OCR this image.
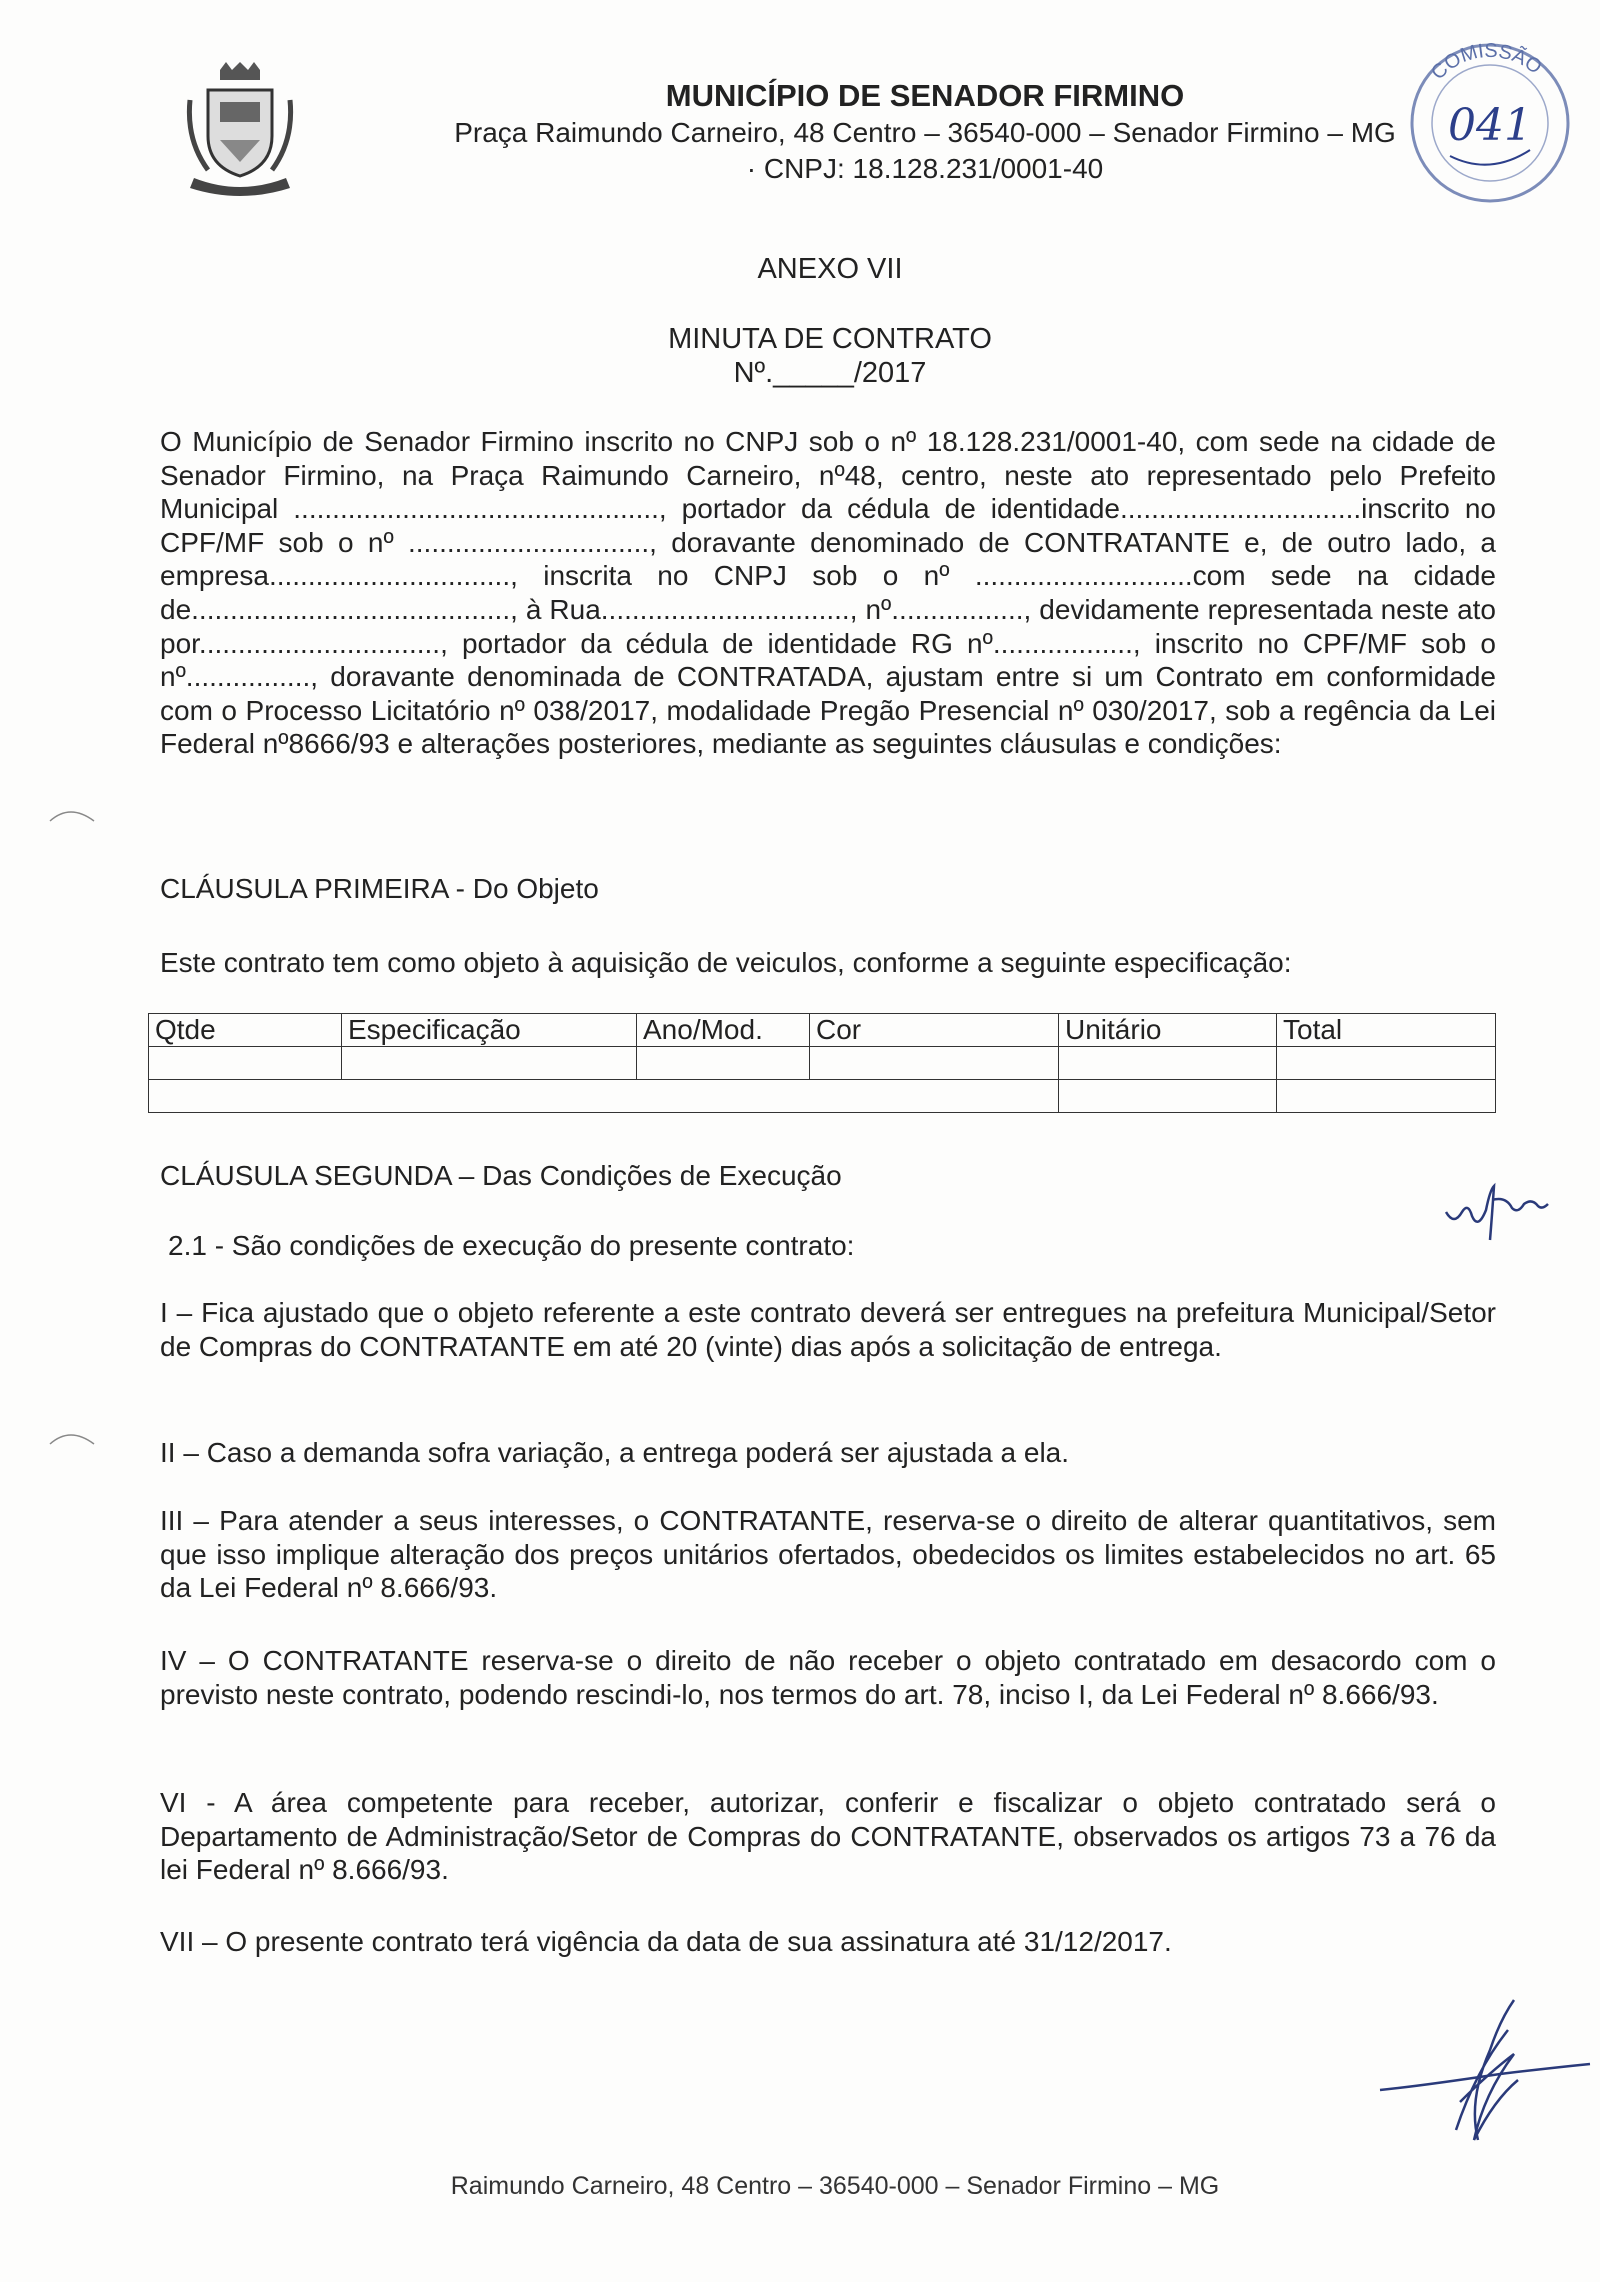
MUNICÍPIO DE SENADOR FIRMINO
Praça Raimundo Carneiro, 48 Centro – 36540-000 – Senador Firmino – MG
· CNPJ: 18.128.231/0001-40
COMISSÃO
041
ANEXO VII
MINUTA DE CONTRATO
Nº._____/2017
O Município de Senador Firmino inscrito no CNPJ sob o nº 18.128.231/0001-40, com sede na cidade de Senador Firmino, na Praça Raimundo Carneiro, nº48, centro, neste ato representado pelo Prefeito Municipal ..............................................., portador da cédula de identidade...............................inscrito no CPF/MF sob o nº ..............................., doravante denominado de CONTRATANTE e, de outro lado, a empresa..............................., inscrita no CNPJ sob o nº ............................com sede na cidade de........................................., à Rua................................, nº................., devidamente representada neste ato por..............................., portador da cédula de identidade RG nº.................., inscrito no CPF/MF sob o nº................, doravante denominada de CONTRATADA, ajustam entre si um Contrato em conformidade com o Processo Licitatório nº 038/2017, modalidade Pregão Presencial nº 030/2017, sob a regência da Lei Federal nº8666/93 e alterações posteriores, mediante as seguintes cláusulas e condições:
CLÁUSULA PRIMEIRA - Do Objeto
Este contrato tem como objeto à aquisição de veiculos, conforme a seguinte especificação:
Qtde	Especificação	Ano/Mod.	Cor	Unitário	Total

CLÁUSULA SEGUNDA – Das Condições de Execução
2.1 - São condições de execução do presente contrato:
I – Fica ajustado que o objeto referente a este contrato deverá ser entregues na prefeitura Municipal/Setor de Compras do CONTRATANTE em até 20 (vinte) dias após a solicitação de entrega.
II – Caso a demanda sofra variação, a entrega poderá ser ajustada a ela.
III – Para atender a seus interesses, o CONTRATANTE, reserva-se o direito de alterar quantitativos, sem que isso implique alteração dos preços unitários ofertados, obedecidos os limites estabelecidos no art. 65 da Lei Federal nº 8.666/93.
IV – O CONTRATANTE reserva-se o direito de não receber o objeto contratado em desacordo com o previsto neste contrato, podendo rescindi-lo, nos termos do art. 78, inciso I, da Lei Federal nº 8.666/93.
VI - A área competente para receber, autorizar, conferir e fiscalizar o objeto contratado será o Departamento de Administração/Setor de Compras do CONTRATANTE, observados os artigos 73 a 76 da lei Federal nº 8.666/93.
VII – O presente contrato terá vigência da data de sua assinatura até 31/12/2017.
Raimundo Carneiro, 48 Centro – 36540-000 – Senador Firmino – MG
